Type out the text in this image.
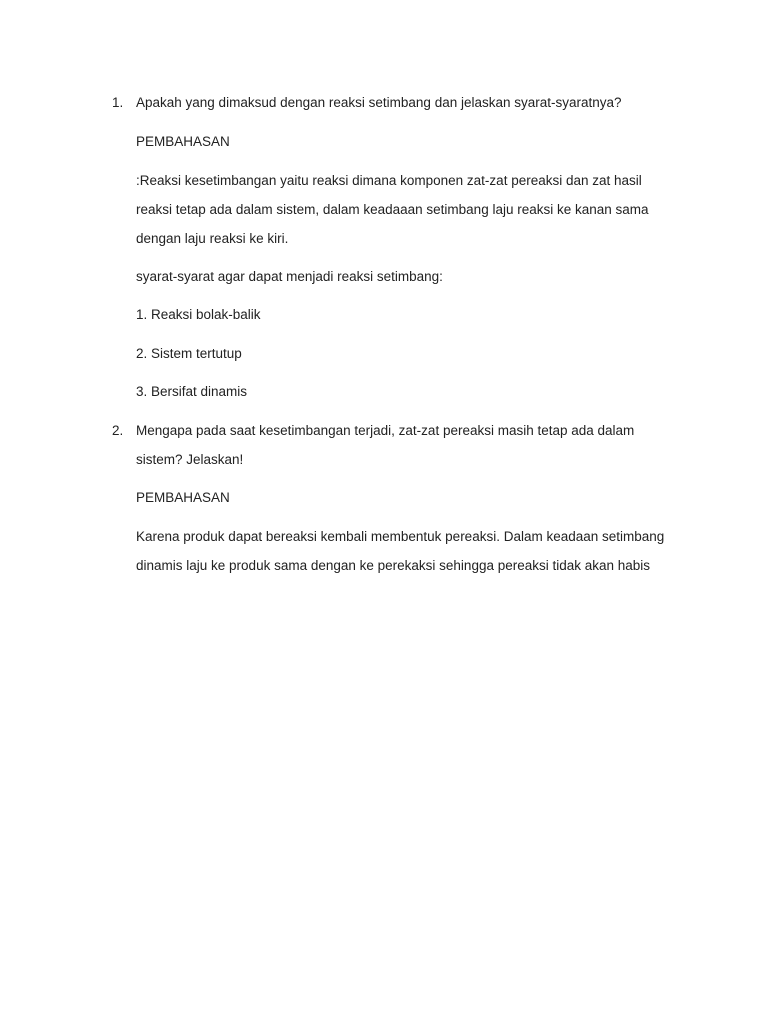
1. Apakah yang dimaksud dengan reaksi setimbang dan jelaskan syarat-syaratnya?

PEMBAHASAN

:Reaksi kesetimbangan yaitu reaksi dimana komponen zat-zat pereaksi dan zat hasil

reaksi tetap ada dalam sistem, dalam keadaaan setimbang laju reaksi ke kanan sama

dengan laju reaksi ke kiri.

syarat-syarat agar dapat menjadi reaksi setimbang:

1. Reaksi bolak-balik

2. Sistem tertutup

3. Bersifat dinamis

2. Mengapa pada saat kesetimbangan terjadi, zat-zat pereaksi masih tetap ada dalam

sistem? Jelaskan!

PEMBAHASAN

Karena produk dapat bereaksi kembali membentuk pereaksi. Dalam keadaan setimbang

dinamis laju ke produk sama dengan ke perekaksi sehingga pereaksi tidak akan habis
